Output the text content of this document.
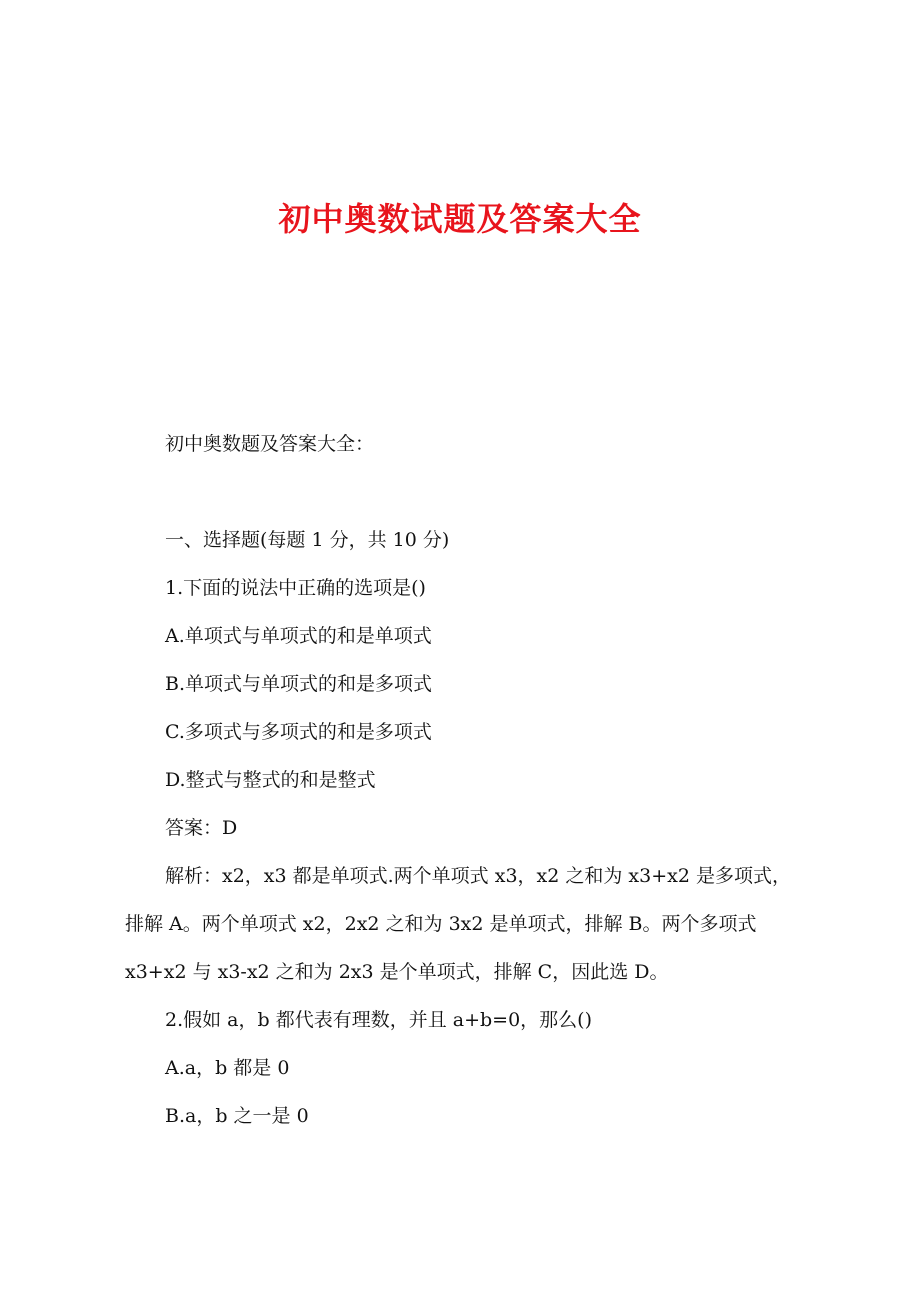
初中奥数试题及答案大全

初中奥数题及答案大全：

一、选择题(每题 1 分，共 10 分)

1.下面的说法中正确的选项是()

A.单项式与单项式的和是单项式

B.单项式与单项式的和是多项式

C.多项式与多项式的和是多项式

D.整式与整式的和是整式

答案：D

解析：x2，x3 都是单项式.两个单项式 x3，x2 之和为 x3+x2 是多项式，排解 A。两个单项式 x2，2x2 之和为 3x2 是单项式，排解 B。两个多项式 x3+x2 与 x3-x2 之和为 2x3 是个单项式，排解 C，因此选 D。

2.假如 a，b 都代表有理数，并且 a+b=0，那么()

A.a，b 都是 0

B.a，b 之一是 0
